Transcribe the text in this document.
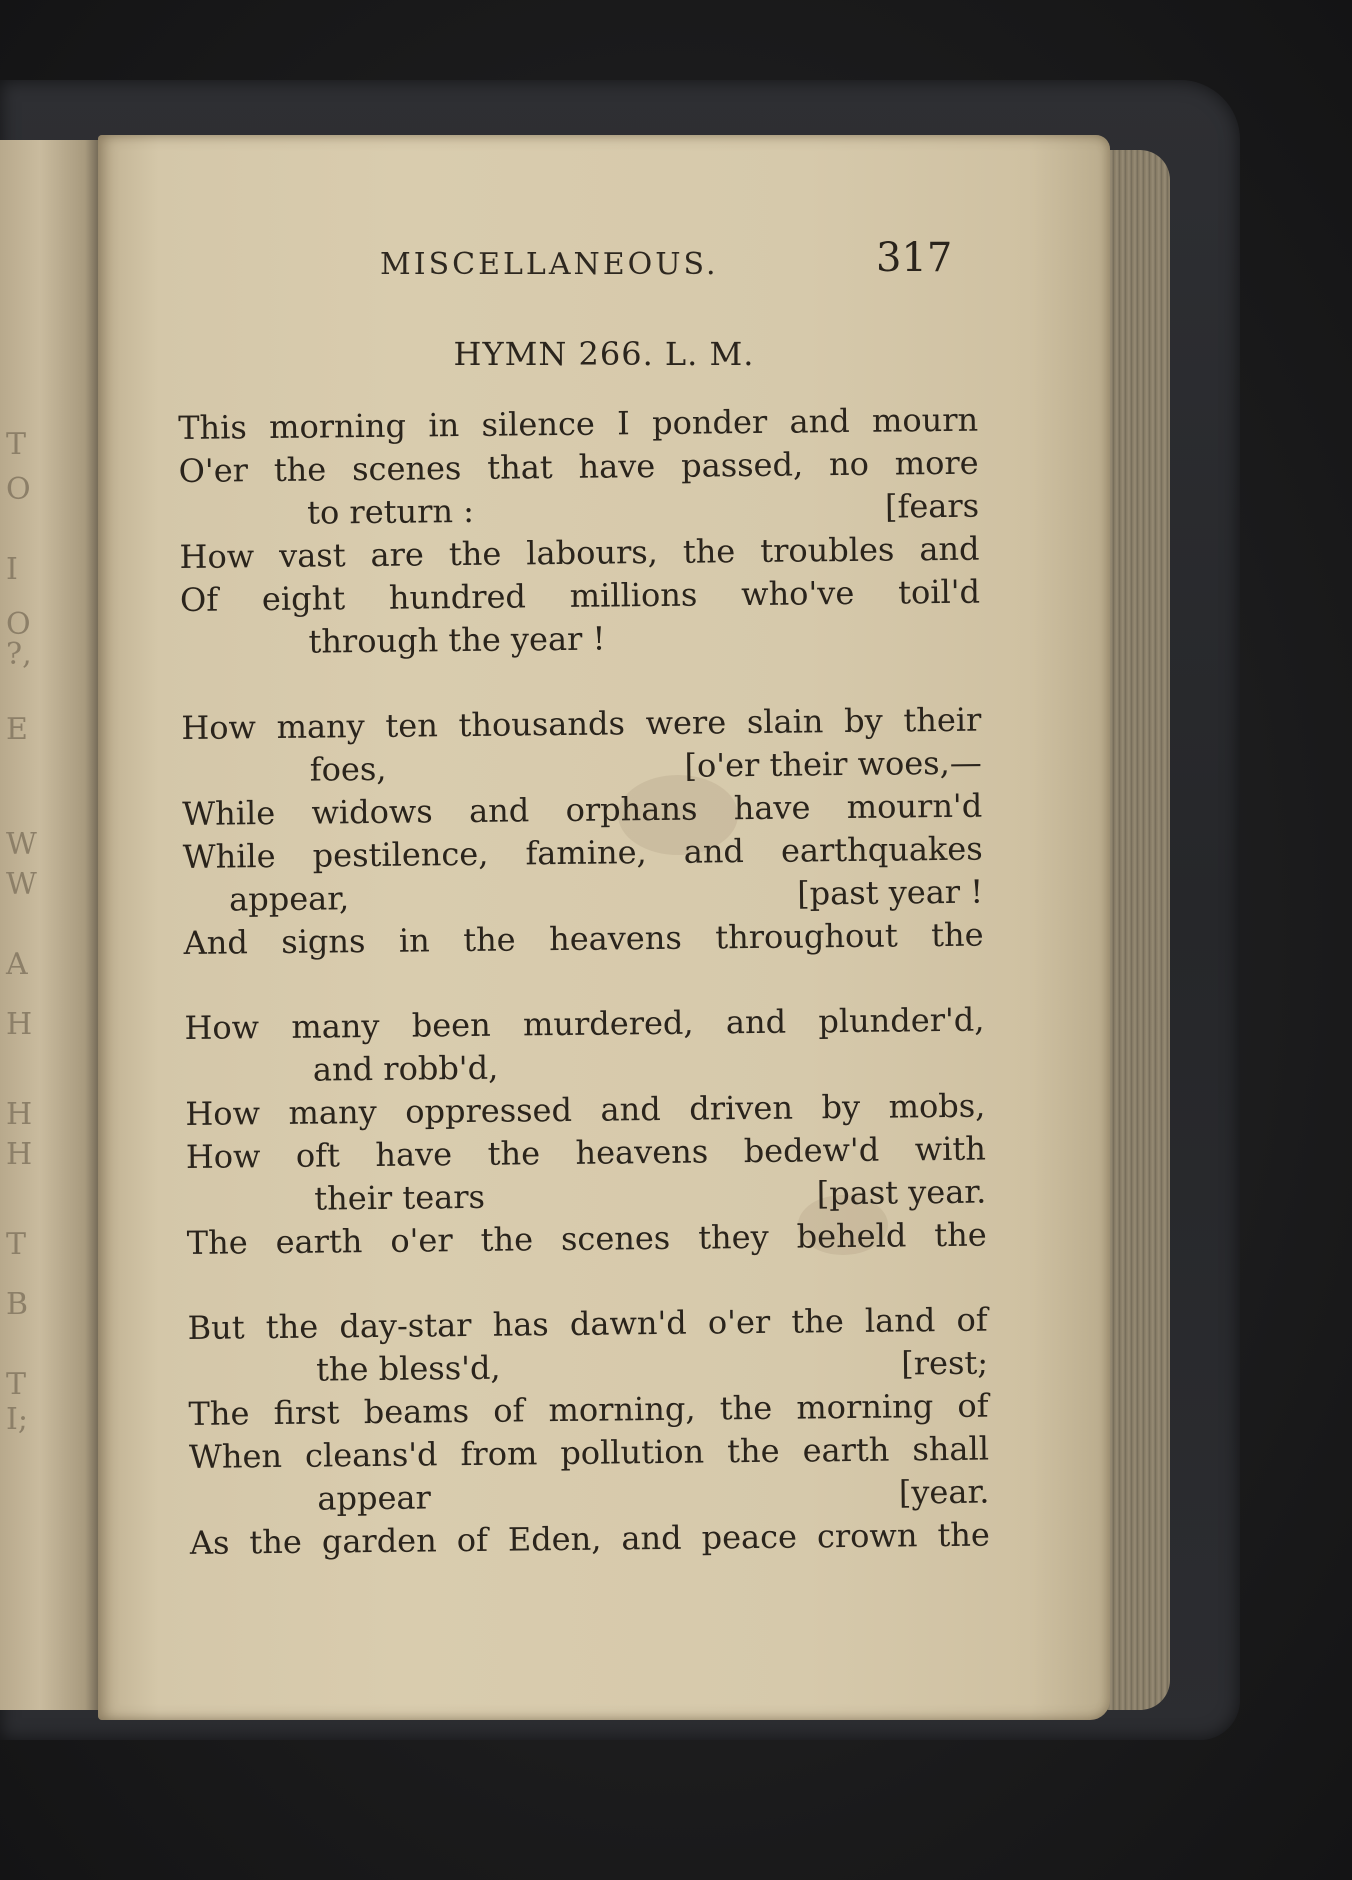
T
O
I
O
?,
E
W
W
A
H
H
H
T
B
T
I;
MISCELLANEOUS.	317
HYMN 266. L. M.
This morning in silence I ponder and mourn
O'er the scenes that have passed, no more
to return :	[fears
How vast are the labours, the troubles and
Of eight hundred millions who've toil'd
through the year !
How many ten thousands were slain by their
foes,	[o'er their woes,—
While widows and orphans have mourn'd
While pestilence, famine, and earthquakes
appear,	[past year !
And signs in the heavens throughout the
How many been murdered, and plunder'd,
and robb'd,
How many oppressed and driven by mobs,
How oft have the heavens bedew'd with
their tears	[past year.
The earth o'er the scenes they beheld the
But the day-star has dawn'd o'er the land of
the bless'd,	[rest;
The first beams of morning, the morning of
When cleans'd from pollution the earth shall
appear	[year.
As the garden of Eden, and peace crown the
